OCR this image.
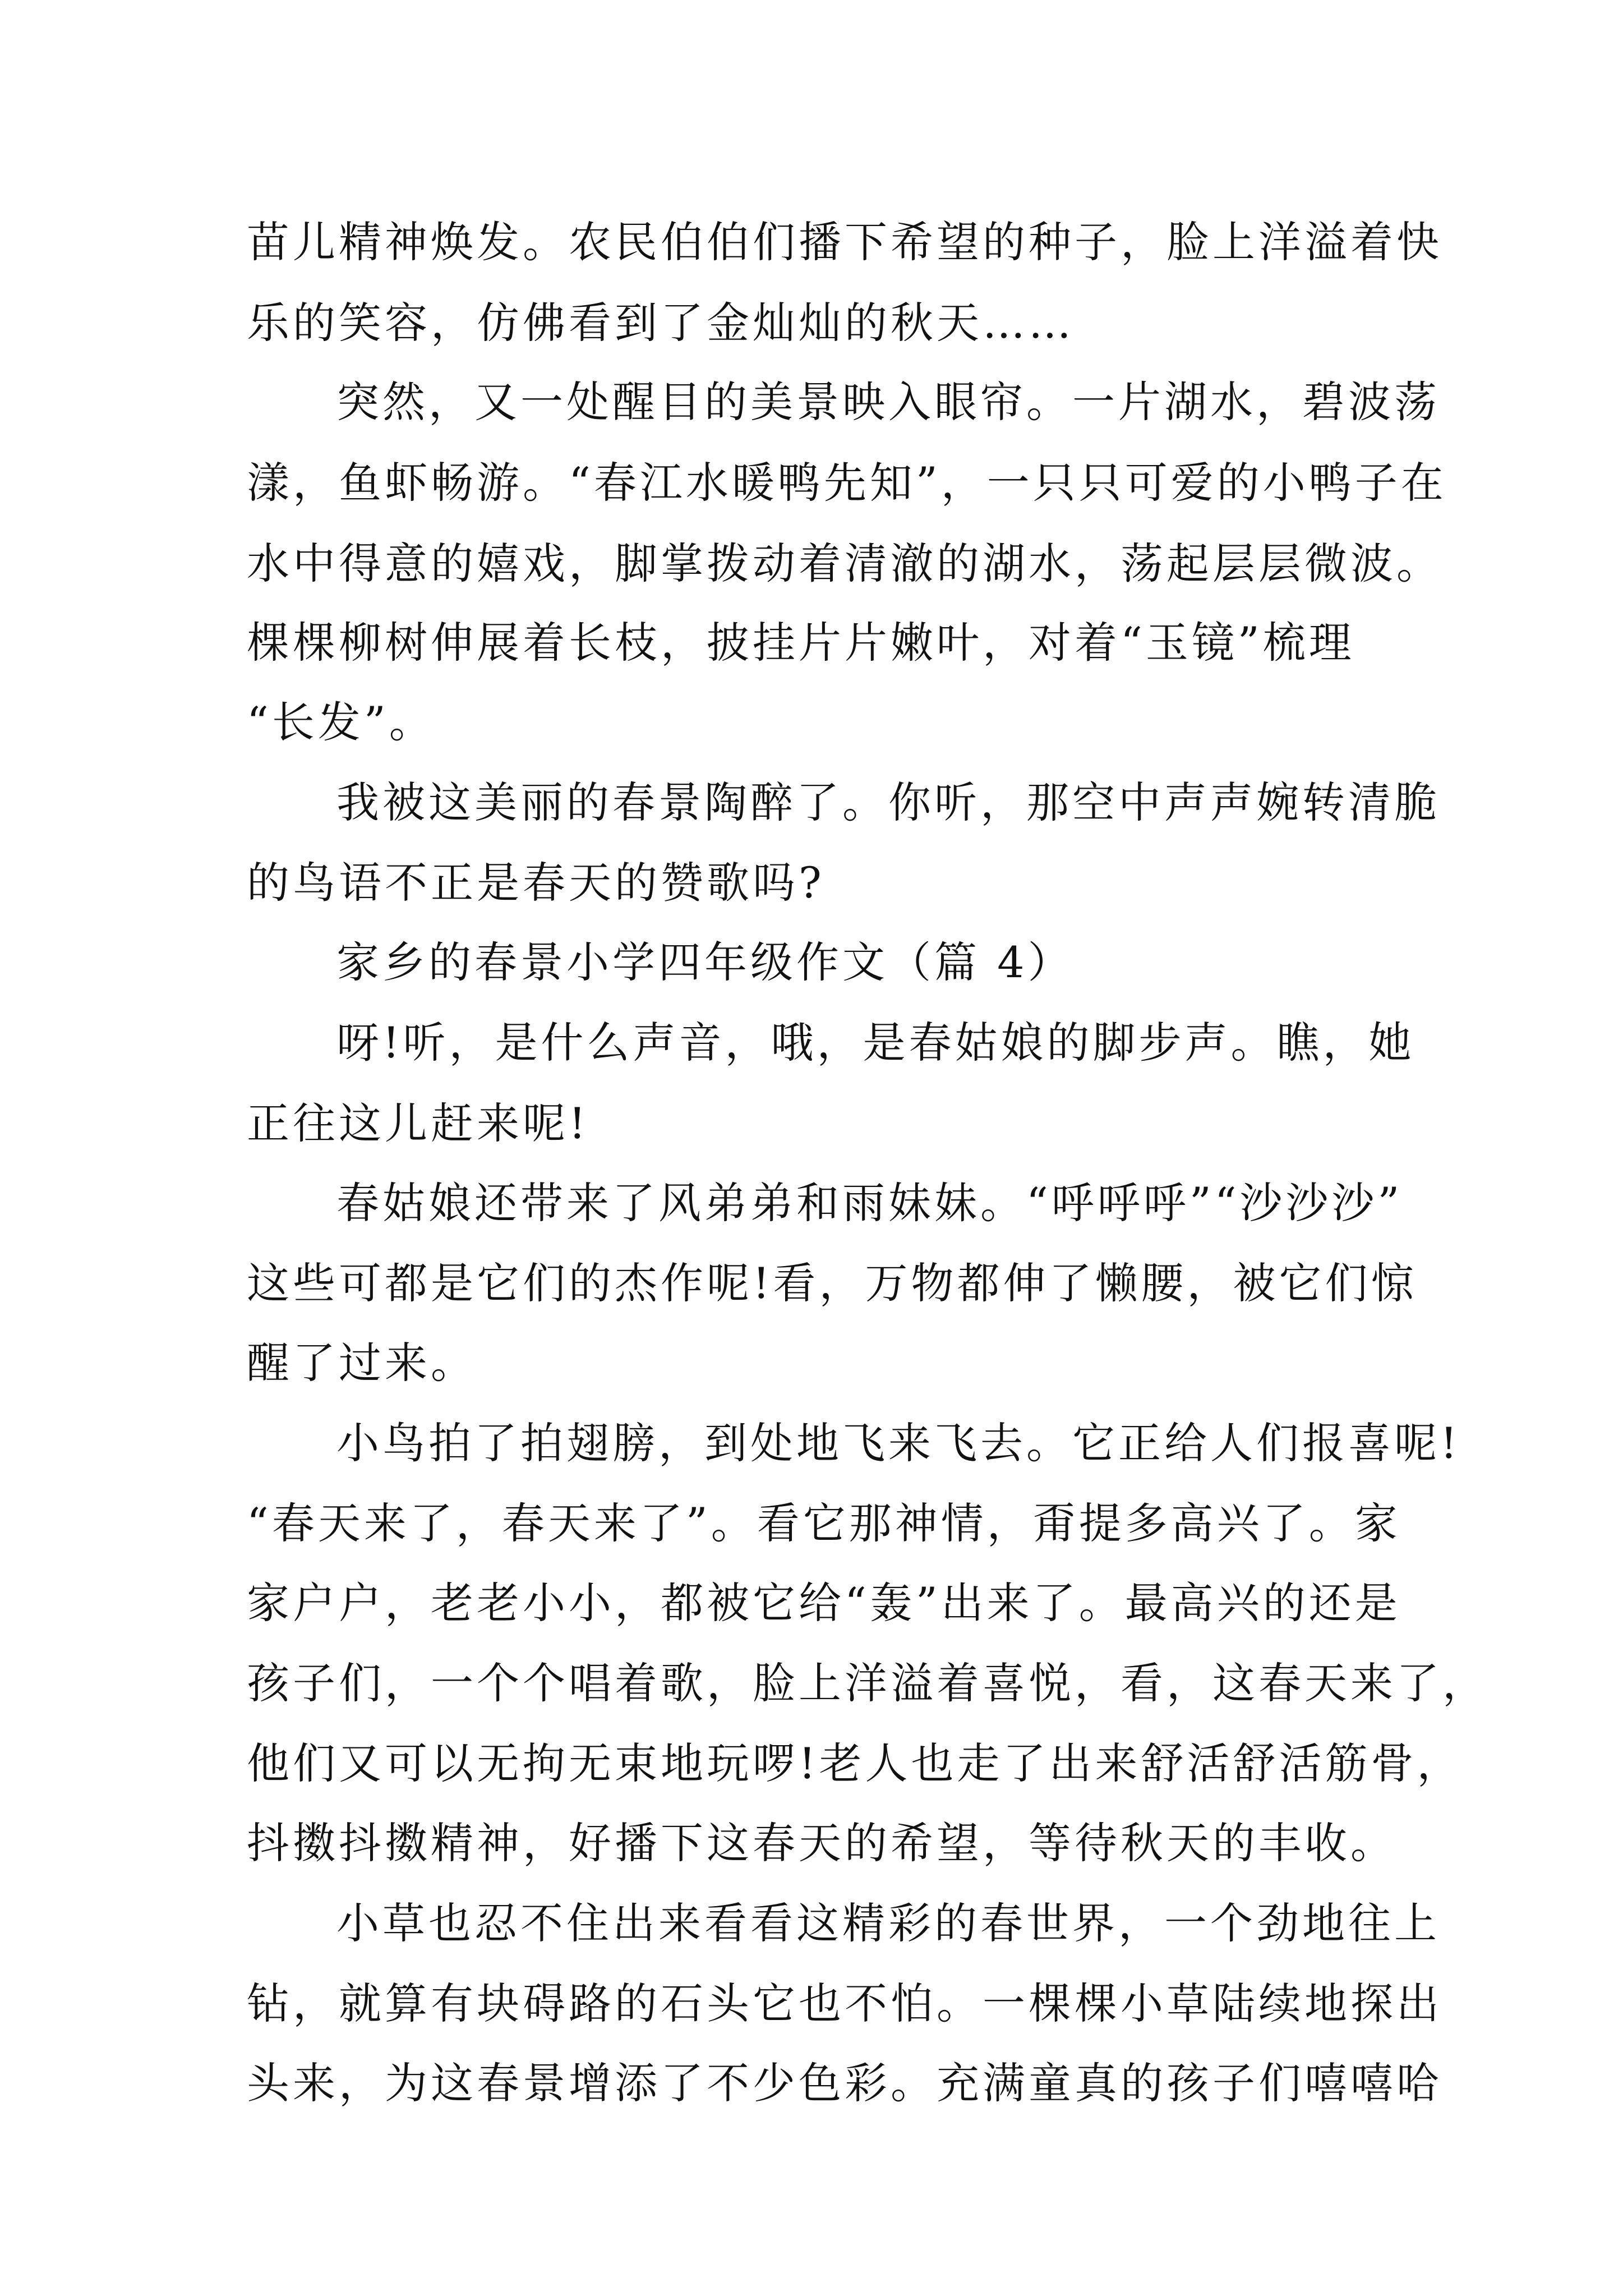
苗儿精神焕发。农民伯伯们播下希望的种子，脸上洋溢着快
乐的笑容，仿佛看到了金灿灿的秋天……
突然，又一处醒目的美景映入眼帘。一片湖水，碧波荡
漾，鱼虾畅游。“春江水暖鸭先知”，一只只可爱的小鸭子在
水中得意的嬉戏，脚掌拨动着清澈的湖水，荡起层层微波。
棵棵柳树伸展着长枝，披挂片片嫩叶，对着“玉镜”梳理
“长发”。
我被这美丽的春景陶醉了。你听，那空中声声婉转清脆
的鸟语不正是春天的赞歌吗?
家乡的春景小学四年级作文（篇 4）
呀!听，是什么声音，哦，是春姑娘的脚步声。瞧，她
正往这儿赶来呢!
春姑娘还带来了风弟弟和雨妹妹。“呼呼呼”“沙沙沙”
这些可都是它们的杰作呢!看，万物都伸了懒腰，被它们惊
醒了过来。
小鸟拍了拍翅膀，到处地飞来飞去。它正给人们报喜呢!
“春天来了，春天来了”。看它那神情，甭提多高兴了。家
家户户，老老小小，都被它给“轰”出来了。最高兴的还是
孩子们，一个个唱着歌，脸上洋溢着喜悦，看，这春天来了，
他们又可以无拘无束地玩啰!老人也走了出来舒活舒活筋骨，
抖擞抖擞精神，好播下这春天的希望，等待秋天的丰收。
小草也忍不住出来看看这精彩的春世界，一个劲地往上
钻，就算有块碍路的石头它也不怕。一棵棵小草陆续地探出
头来，为这春景增添了不少色彩。充满童真的孩子们嘻嘻哈
